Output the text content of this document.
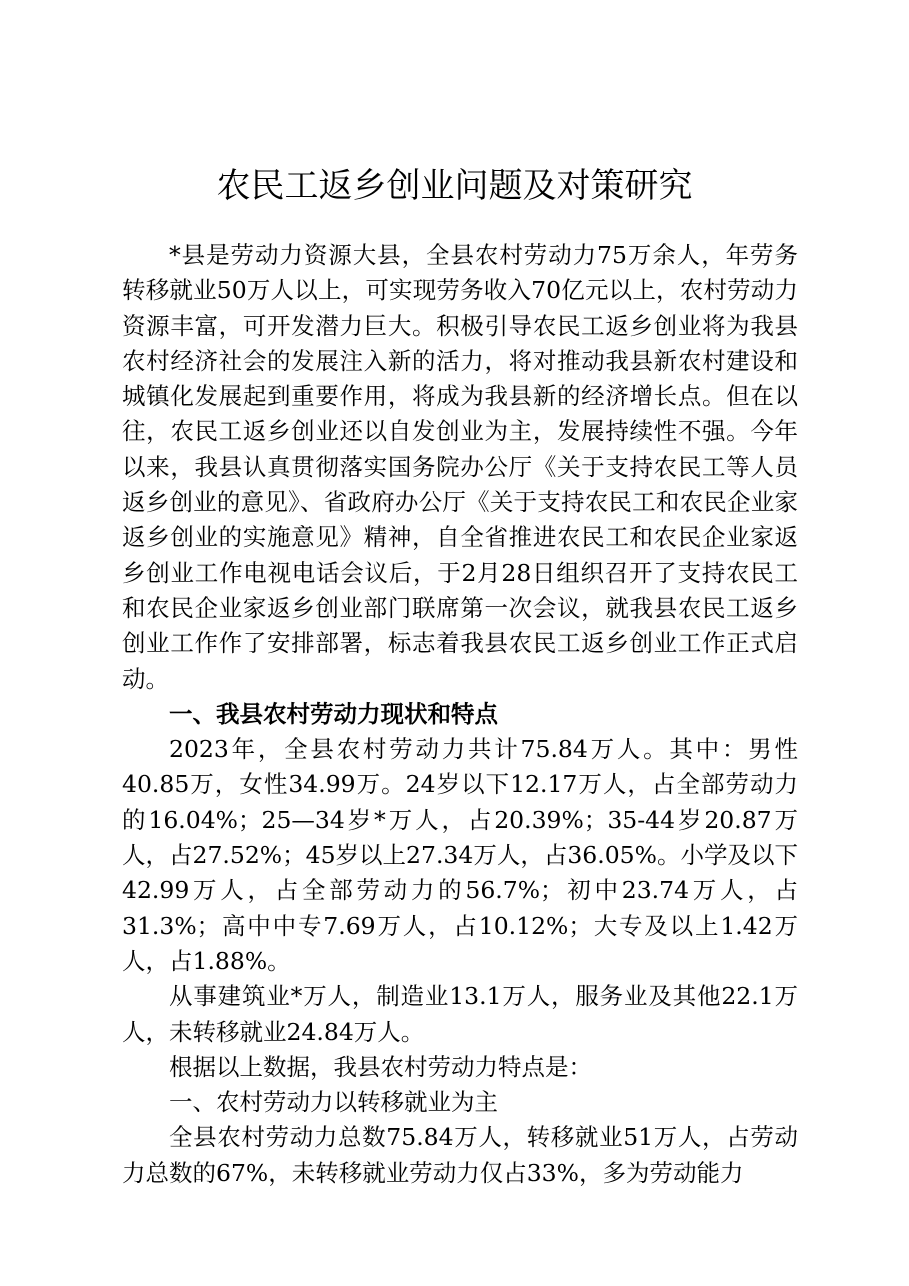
农民工返乡创业问题及对策研究

*县是劳动力资源大县，全县农村劳动力75万余人，年劳务转移就业50万人以上，可实现劳务收入70亿元以上，农村劳动力资源丰富，可开发潜力巨大。积极引导农民工返乡创业将为我县农村经济社会的发展注入新的活力，将对推动我县新农村建设和城镇化发展起到重要作用，将成为我县新的经济增长点。但在以往，农民工返乡创业还以自发创业为主，发展持续性不强。今年以来，我县认真贯彻落实国务院办公厅《关于支持农民工等人员返乡创业的意见》、省政府办公厅《关于支持农民工和农民企业家返乡创业的实施意见》精神，自全省推进农民工和农民企业家返乡创业工作电视电话会议后，于2月28日组织召开了支持农民工和农民企业家返乡创业部门联席第一次会议，就我县农民工返乡创业工作作了安排部署，标志着我县农民工返乡创业工作正式启动。

一、我县农村劳动力现状和特点

2023年，全县农村劳动力共计75.84万人。其中：男性40.85万，女性34.99万。24岁以下12.17万人，占全部劳动力的16.04%；25—34岁*万人，占20.39%；35-44岁20.87万人，占27.52%；45岁以上27.34万人，占36.05%。小学及以下42.99万人，占全部劳动力的56.7%；初中23.74万人，占31.3%；高中中专7.69万人，占10.12%；大专及以上1.42万人，占1.88%。

从事建筑业*万人，制造业13.1万人，服务业及其他22.1万人，未转移就业24.84万人。

根据以上数据，我县农村劳动力特点是：

一、农村劳动力以转移就业为主

全县农村劳动力总数75.84万人，转移就业51万人，占劳动力总数的67%，未转移就业劳动力仅占33%，多为劳动能力
